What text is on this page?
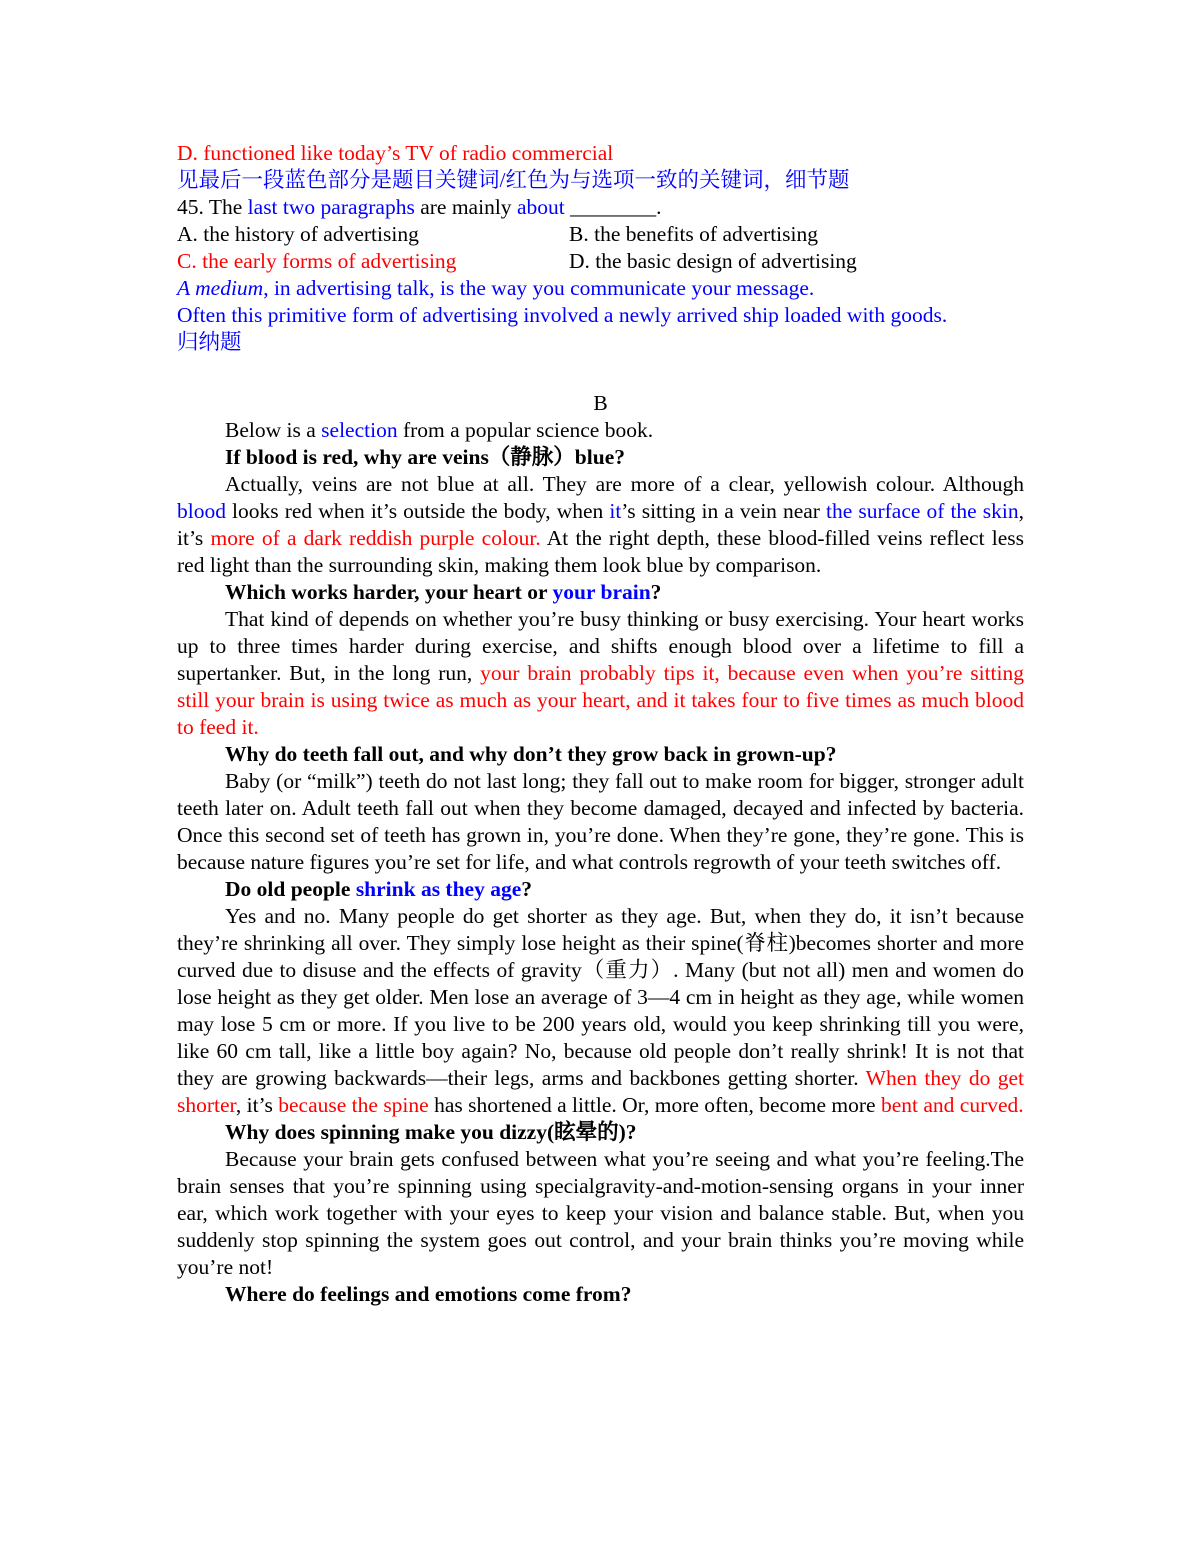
D. functioned like today’s TV of radio commercial
见最后一段蓝色部分是题目关键词/红色为与选项一致的关键词，细节题
45. The last two paragraphs are mainly about ________.
A. the history of advertising	B. the benefits of advertising
C. the early forms of advertising	D. the basic design of advertising
A medium, in advertising talk, is the way you communicate your message.
Often this primitive form of advertising involved a newly arrived ship loaded with goods.
归纳题
B

Below is a selection from a popular science book.

If blood is red, why are veins（静脉）blue?

Actually, veins are not blue at all. They are more of a clear, yellowish colour. Although blood looks red when it’s outside the body, when it’s sitting in a vein near the surface of the skin, it’s more of a dark reddish purple colour. At the right depth, these blood-filled veins reflect less red light than the surrounding skin, making them look blue by comparison.

Which works harder, your heart or your brain?

That kind of depends on whether you’re busy thinking or busy exercising. Your heart works up to three times harder during exercise, and shifts enough blood over a lifetime to fill a supertanker. But, in the long run, your brain probably tips it, because even when you’re sitting still your brain is using twice as much as your heart, and it takes four to five times as much blood to feed it.

Why do teeth fall out, and why don’t they grow back in grown-up?

Baby (or “milk”) teeth do not last long; they fall out to make room for bigger, stronger adult teeth later on. Adult teeth fall out when they become damaged, decayed and infected by bacteria. Once this second set of teeth has grown in, you’re done. When they’re gone, they’re gone. This is because nature figures you’re set for life, and what controls regrowth of your teeth switches off.

Do old people shrink as they age?

Yes and no. Many people do get shorter as they age. But, when they do, it isn’t because they’re shrinking all over. They simply lose height as their spine(脊柱)becomes shorter and more curved due to disuse and the effects of gravity（重力）. Many (but not all) men and women do lose height as they get older. Men lose an average of 3—4 cm in height as they age, while women may lose 5 cm or more. If you live to be 200 years old, would you keep shrinking till you were, like 60 cm tall, like a little boy again? No, because old people don’t really shrink! It is not that they are growing backwards—their legs, arms and backbones getting shorter. When they do get shorter, it’s because the spine has shortened a little. Or, more often, become more bent and curved.

Why does spinning make you dizzy(眩晕的)?

Because your brain gets confused between what you’re seeing and what you’re feeling.The brain senses that you’re spinning using specialgravity-and-motion-sensing organs in your inner ear, which work together with your eyes to keep your vision and balance stable. But, when you suddenly stop spinning the system goes out control, and your brain thinks you’re moving while you’re not!

Where do feelings and emotions come from?
